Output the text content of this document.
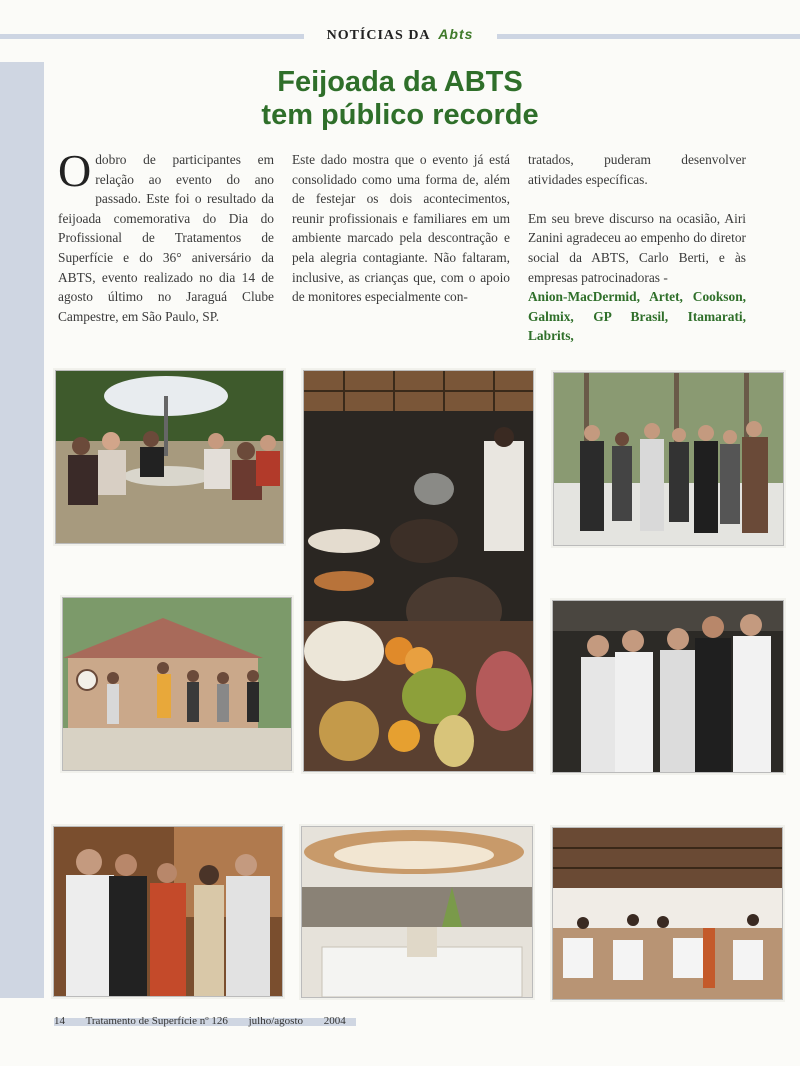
NOTÍCIAS DA Abts
Feijoada da ABTS
tem público recorde
O dobro de participantes em relação ao evento do ano passado. Este foi o resultado da feijoada comemorativa do Dia do Profissional de Tratamentos de Superfície e do 36° aniversário da ABTS, evento realizado no dia 14 de agosto último no Jaraguá Clube Campestre, em São Paulo, SP.

Este dado mostra que o evento já está consolidado como uma forma de, além de festejar os dois acontecimentos, reunir profissionais e familiares em um ambiente marcado pela descontração e pela alegria contagiante. Não faltaram, inclusive, as crianças que, com o apoio de monitores especialmente con-

tratados, puderam desenvolver atividades específicas.

Em seu breve discurso na ocasião, Airi Zanini agradeceu ao empenho do diretor social da ABTS, Carlo Berti, e às empresas patrocinadoras -

Anion-MacDermid, Artet, Cookson, Galmix, GP Brasil, Itamarati, Labrits,

14 Tratamento de Superfície nº 126 julho/agosto 2004
